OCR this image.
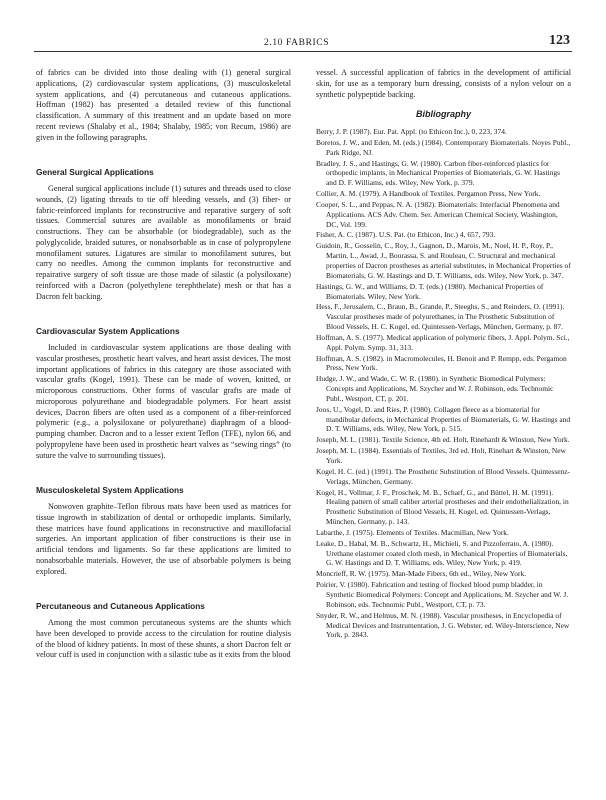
2.10 FABRICS	123

of fabrics can be divided into those dealing with (1) general surgical applications, (2) cardiovascular system applications, (3) musculoskeletal system applications, and (4) percutaneous and cutaneous applications. Hoffman (1982) has presented a detailed review of this functional classification. A summary of this treatment and an update based on more recent reviews (Shalaby et al., 1984; Shalaby, 1985; von Recum, 1986) are given in the following paragraphs.

General Surgical Applications

General surgical applications include (1) sutures and threads used to close wounds, (2) ligating threads to tie off bleeding vessels, and (3) fiber- or fabric-reinforced implants for reconstructive and reparative surgery of soft tissues. Commercial sutures are available as monofilaments or braid constructions. They can be absorbable (or biodegradable), such as the polyglycolide, braided sutures, or nonabsorbable as in case of polypropylene monofilament sutures. Ligatures are similar to monofilament sutures, but carry no needles. Among the common implants for reconstructive and repairative surgery of soft tissue are those made of silastic (a polysiloxane) reinforced with a Dacron (polyethylene terephthelate) mesh or that has a Dacron felt backing.

Cardiovascular System Applications

Included in cardiovascular system applications are those dealing with vascular prostheses, prosthetic heart valves, and heart assist devices. The most important applications of fabrics in this category are those associated with vascular grafts (Kogel, 1991). These can be made of woven, knitted, or microporous constructions. Other forms of vascular grafts are made of microporous polyurethane and biodegradable polymers. For heart assist devices, Dacron fibers are often used as a component of a fiber-reinforced polymeric (e.g., a polysiloxane or polyurethane) diaphragm of a blood-pumping chamber. Dacron and to a lesser extent Teflon (TFE), nylon 66, and polypropylene have been used in prosthetic heart valves as “sewing rings” (to suture the valve to surrounding tissues).

Musculoskeletal System Applications

Nonwoven graphite–Teflon fibrous mats have been used as matrices for tissue ingrowth in stabilization of dental or orthopedic implants. Similarly, these matrices have found applications in reconstructive and maxillofacial surgeries. An important application of fiber constructions is their use in artificial tendons and ligaments. So far these applications are limited to nonabsorbable materials. However, the use of absorbable polymers is being explored.

Percutaneous and Cutaneous Applications

Among the most common percutaneous systems are the shunts which have been developed to provide access to the circulation for routine dialysis of the blood of kidney patients. In most of these shunts, a short Dacron felt or velour cuff is used in conjunction with a silastic tube as it exits from the blood

vessel. A successful application of fabrics in the development of artificial skin, for use as a temporary burn dressing, consists of a nylon velour on a synthetic polypeptide backing.

Bibliography

Berry, J. P. (1987). Eur. Pat. Appl. (to Ethicon Inc.), 0, 223, 374.

Boretos, J. W., and Eden, M. (eds.) (1984). Contemporary Biomaterials. Noyes Publ., Park Ridge, NJ.

Bradley, J. S., and Hastings, G. W. (1980). Carbon fiber-reinforced plastics for orthopedic implants, in Mechanical Properties of Biomaterials, G. W. Hastings and D. F. Williams, eds. Wiley, New York, p. 379.

Collier, A. M. (1979). A Handbook of Textiles. Pergamon Press, New York.

Cooper, S. L., and Peppas, N. A. (1982). Biomaterials: Interfacial Phenomena and Applications. ACS Adv. Chem. Ser. American Chemical Society, Washington, DC, Vol. 199.

Fisher, A. C. (1987). U.S. Pat. (to Ethicon, Inc.) 4, 657, 793.

Guidoin, R., Gosselin, C., Roy, J., Gagnon, D., Marois, M., Noel, H. P., Roy, P., Martin, L., Awad, J., Bourassa, S. and Rouleau, C. Structural and mechanical properties of Dacron prostheses as arterial substitutes, in Mechanical Properties of Biomaterials, G. W. Hastings and D. T. Williams, eds. Wiley, New York, p. 347.

Hastings, G. W., and Williams, D. T. (eds.) (1980). Mechanical Properties of Biomaterials. Wiley, New York.

Hess, F., Jerusalem, C., Braun, B., Grande, P., Steeghs, S., and Reinders, O. (1991). Vascular prostheses made of polyurethanes, in The Prosthetic Substitution of Blood Vessels, H. C. Kogel, ed. Quintessen-Verlags, München, Germany, p. 87.

Hoffman, A. S. (1977). Medical application of polymeric fibers, J. Appl. Polym. Sci., Appl. Polym. Symp. 31, 313.

Hoffman, A. S. (1982). in Macromolecules, H. Benoit and P. Rempp, eds. Pergamon Press, New York.

Hudge, J. W., and Wade, C. W. R. (1980). in Synthetic Biomedical Polymers: Concepts and Applications, M. Szycher and W. J. Robinson, eds. Technomic Publ., Westport, CT, p. 201.

Joos, U., Vogel, D. and Ries, P. (1980). Collagen fleece as a biomaterial for mandibular defects, in Mechanical Properties of Biomaterials, G. W. Hastings and D. T. Williams, eds. Wiley, New York, p. 515.

Joseph, M. L. (1981). Textile Science, 4th ed. Holt, Rinehardt & Winston, New York.

Joseph, M. L. (1984). Essentials of Textiles, 3rd ed. Holt, Rinehart & Winston, New York.

Kogel, H. C. (ed.) (1991). The Prosthetic Substitution of Blood Vessels. Quintessenz-Verlags, München, Germany.

Kogel, H., Vollmar, J. F., Proschek, M. B., Scharf, G., and Büttel, H. M. (1991). Healing pattern of small caliber arterial prostheses and their endothelialization, in Prosthetic Substitution of Blood Vessels, H. Kogel, ed. Quintessen-Verlags, München, Germany, p. 143.

Labarthe, J. (1975). Elements of Textiles. Macmillan, New York.

Leake, D., Habal, M. B., Schwartz, H., Michieli, S. and Pizzoferrato, A. (1980). Urethane elastomer coated cloth mesh, in Mechanical Properties of Biomaterials, G. W. Hastings and D. T. Williams, eds. Wiley, New York, p. 419.

Moncrieff, R. W. (1975). Man-Made Fibers, 6th ed., Wiley, New York.

Poirier, V. (1980). Fabrication and testing of flocked blood pump bladder, in Synthetic Biomedical Polymers: Concept and Applications, M. Szycher and W. J. Robinson, eds. Technomic Publ., Westport, CT, p. 73.

Snyder, R. W., and Helmus, M. N. (1988). Vascular prostheses, in Encyclopedia of Medical Devices and Instrumentation, J. G. Webster, ed. Wiley-Interscience, New York, p. 2843.
